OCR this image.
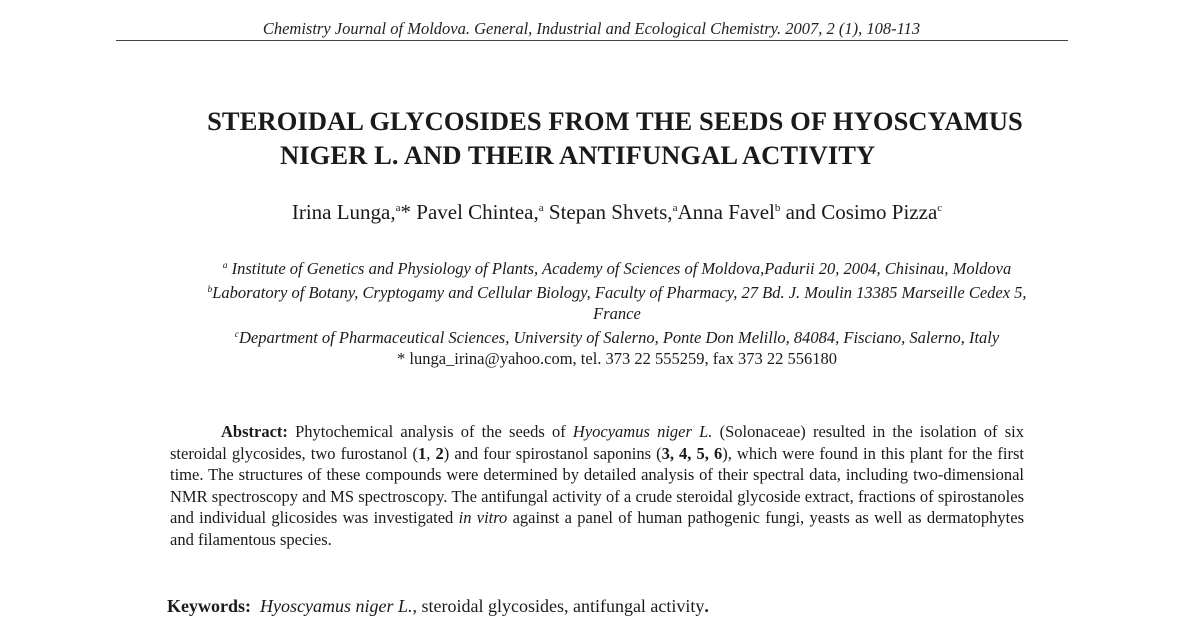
Chemistry Journal of Moldova. General, Industrial and Ecological Chemistry. 2007, 2 (1), 108-113
STEROIDAL GLYCOSIDES FROM THE SEEDS OF HYOSCYAMUS
NIGER L. AND THEIR ANTIFUNGAL ACTIVITY
Irina Lunga,$^a$* Pavel Chintea,$^a$ Stepan Shvets,$^a$Anna Favel$^b$ and Cosimo Pizza$^c$
$^a$ Institute of Genetics and Physiology of Plants, Academy of Sciences of Moldova,Padurii 20, 2004, Chisinau, Moldova
$^b$Laboratory of Botany, Cryptogamy and Cellular Biology, Faculty of Pharmacy, 27 Bd. J. Moulin 13385 Marseille Cedex 5,
France
$^c$Department of Pharmaceutical Sciences, University of Salerno, Ponte Don Melillo, 84084, Fisciano, Salerno, Italy
* lunga_irina@yahoo.com, tel. 373 22 555259, fax 373 22 556180

Abstract: Phytochemical analysis of the seeds of Hyocyamus niger L. (Solonaceae) resulted in the isolation of six steroidal glycosides, two furostanol (1, 2) and four spirostanol saponins (3, 4, 5, 6), which were found in this plant for the first time. The structures of these compounds were determined by detailed analysis of their spectral data, including two-dimensional NMR spectroscopy and MS spectroscopy. The antifungal activity of a crude steroidal glycoside extract, fractions of spirostanoles and individual glicosides was investigated in vitro against a panel of human pathogenic fungi, yeasts as well as dermatophytes and filamentous species.

Keywords: Hyoscyamus niger L., steroidal glycosides, antifungal activity.
